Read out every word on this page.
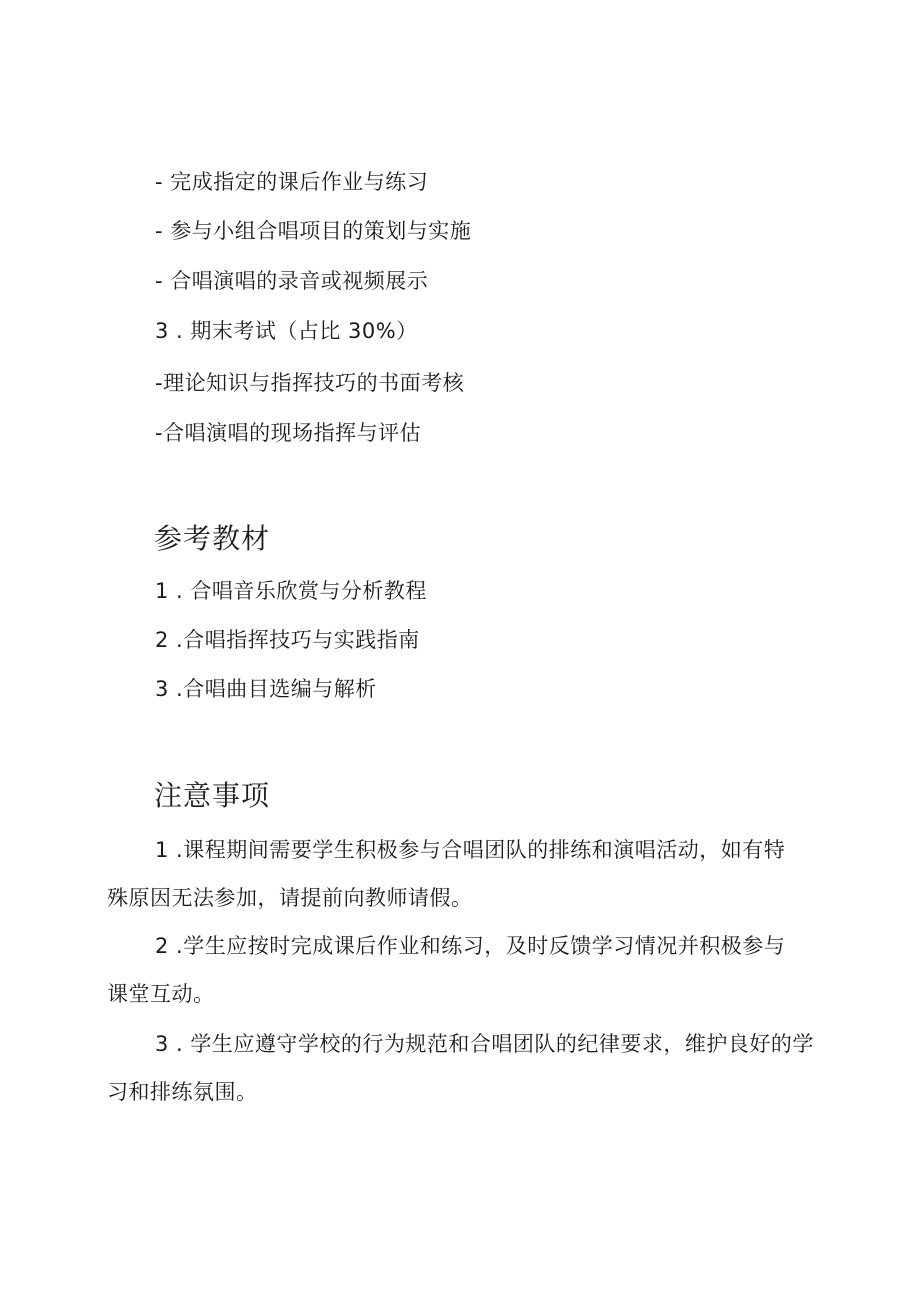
- 完成指定的课后作业与练习
- 参与小组合唱项目的策划与实施
- 合唱演唱的录音或视频展示
3 . 期末考试（占比 30%）
-理论知识与指挥技巧的书面考核
-合唱演唱的现场指挥与评估
参考教材
1 . 合唱音乐欣赏与分析教程
2 .合唱指挥技巧与实践指南
3 .合唱曲目选编与解析
注意事项
1 .课程期间需要学生积极参与合唱团队的排练和演唱活动，如有特
殊原因无法参加，请提前向教师请假。
2 .学生应按时完成课后作业和练习，及时反馈学习情况并积极参与
课堂互动。
3 . 学生应遵守学校的行为规范和合唱团队的纪律要求，维护良好的学
习和排练氛围。
